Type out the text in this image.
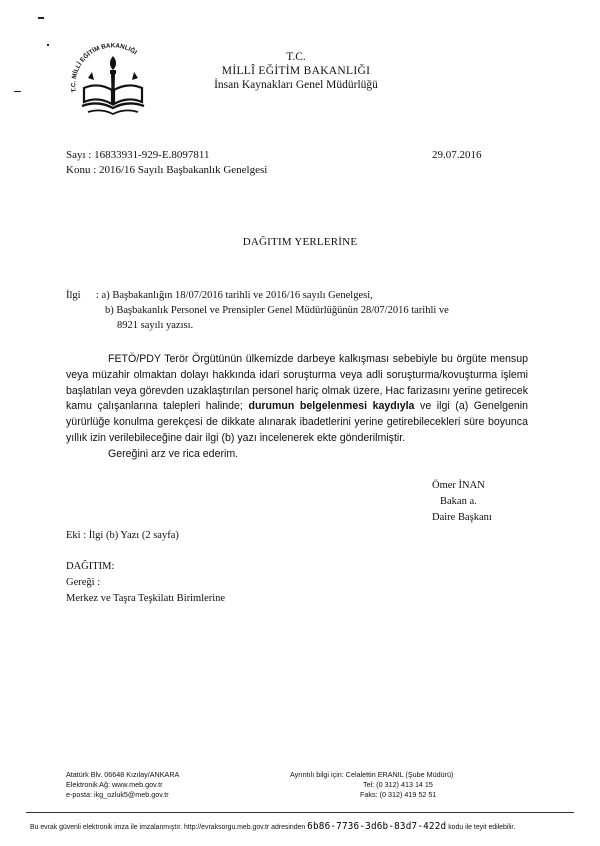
T.C. MİLLÎ EĞİTİM BAKANLIĞI	T.C.
MİLLÎ EĞİTİM BAKANLIĞI
İnsan Kaynakları Genel Müdürlüğü
Sayı : 16833931-929-E.8097811
Konu : 2016/16 Sayılı Başbakanlık Genelgesi
29.07.2016
DAĞITIM YERLERİNE
İlgi : a) Başbakanlığın 18/07/2016 tarihli ve 2016/16 sayılı Genelgesi,
b) Başbakanlık Personel ve Prensipler Genel Müdürlüğünün 28/07/2016 tarihli ve
8921 sayılı yazısı.

FETÖ/PDY Terör Örgütünün ülkemizde darbeye kalkışması sebebiyle bu örgüte mensup veya müzahir olmaktan dolayı hakkında idari soruşturma veya adli soruşturma/kovuşturma işlemi başlatılan veya görevden uzaklaştırılan personel hariç olmak üzere, Hac farizasını yerine getirecek kamu çalışanlarına talepleri halinde; durumun belgelenmesi kaydıyla ve ilgi (a) Genelgenin yürürlüğe konulma gerekçesi de dikkate alınarak ibadetlerini yerine getirebilecekleri süre boyunca yıllık izin verilebileceğine dair ilgi (b) yazı incelenerek ekte gönderilmiştir.

Gereğini arz ve rica ederim.

Ömer İNAN
Bakan a.
Daire Başkanı
Eki : İlgi (b) Yazı (2 sayfa)
DAĞITIM:
Gereği :
Merkez ve Taşra Teşkilatı Birimlerine
Atatürk Blv. 06648 Kızılay/ANKARA
Elektronik Ağ: www.meb.gov.tr
e-posta: ikg_ozluk5@meb.gov.tr
Ayrıntılı bilgi için: Celalettin ERANIL (Şube Müdürü)
Tel: (0 312) 413 14 15
Faks: (0 312) 419 52 51
Bu evrak güvenli elektronik imza ile imzalanmıştır. http://evraksorgu.meb.gov.tr adresinden 6b86-7736-3d6b-83d7-422d kodu ile teyit edilebilir.
